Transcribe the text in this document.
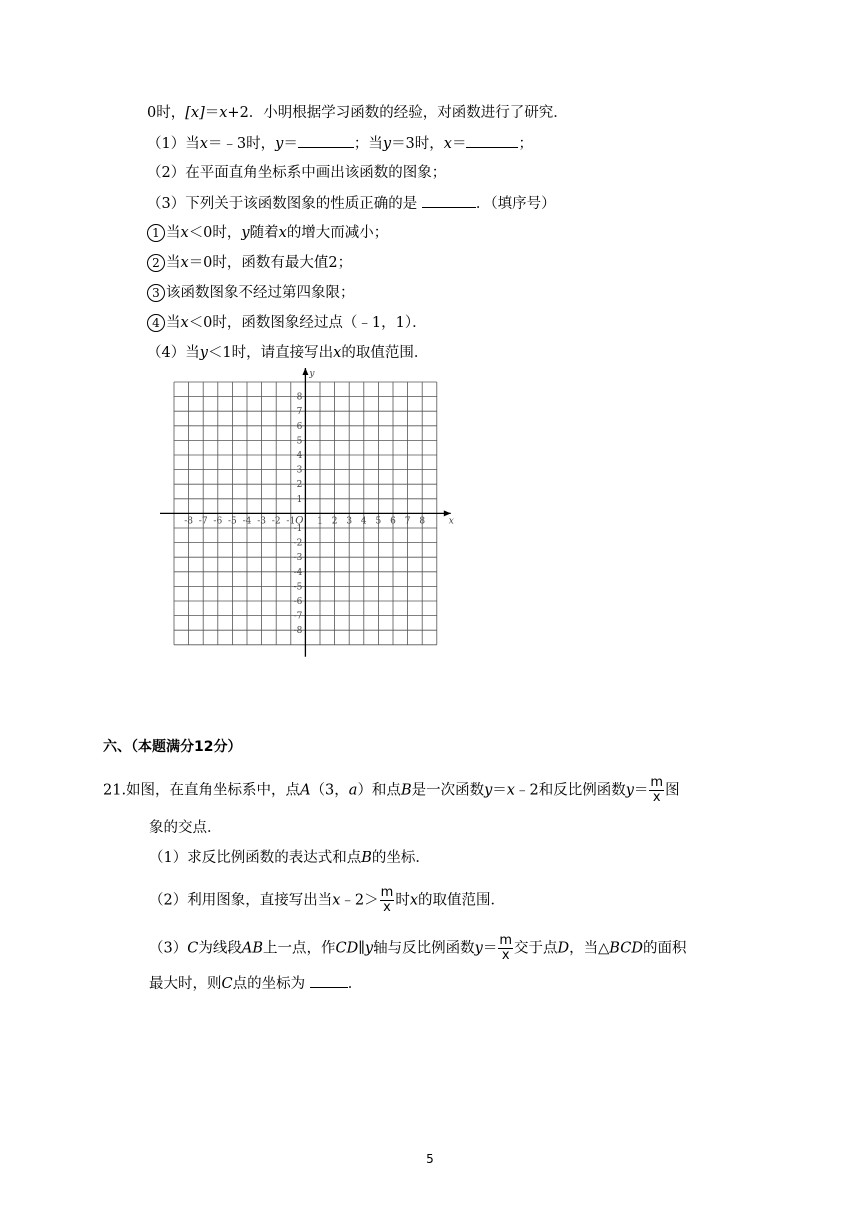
0时，[x]＝x+2．小明根据学习函数的经验，对函数进行了研究．
（1）当x＝﹣3时，y＝	；当y＝3时，x＝	；
（2）在平面直角坐标系中画出该函数的图象；
（3）下列关于该函数图象的性质正确的是	．（填序号）
1 当x＜0时，y随着x的增大而减小；
2 当x＝0时，函数有最大值2；
3 该函数图象不经过第四象限；
4 当x＜0时，函数图象经过点（﹣1，1）．
（4）当y＜1时，请直接写出x的取值范围．
-8 -7 -6 -5 -4 -3 -2 -1 1 2 3 4 5 6 7 8
8
7
6
5
4
3
2
1
-1
-2
-3
-4
-5
-6
-7
-8
O	x
y
六、（本题满分12分）
21.如图，在直角坐标系中，点A（3，a）和点B是一次函数y＝x﹣2和反比例函数$y= \frac{m}{x}$ 图
象的交点．
（1）求反比例函数的表达式和点B的坐标．
（2）利用图象，直接写出当x﹣2＞ $\frac{m}{x}$ 时x的取值范围．
（3）C为线段AB上一点，作CD∥y轴与反比例函数$y= \frac{m}{x}$ 交于点D，当△BCD的面积
最大时，则C点的坐标为	．
5
